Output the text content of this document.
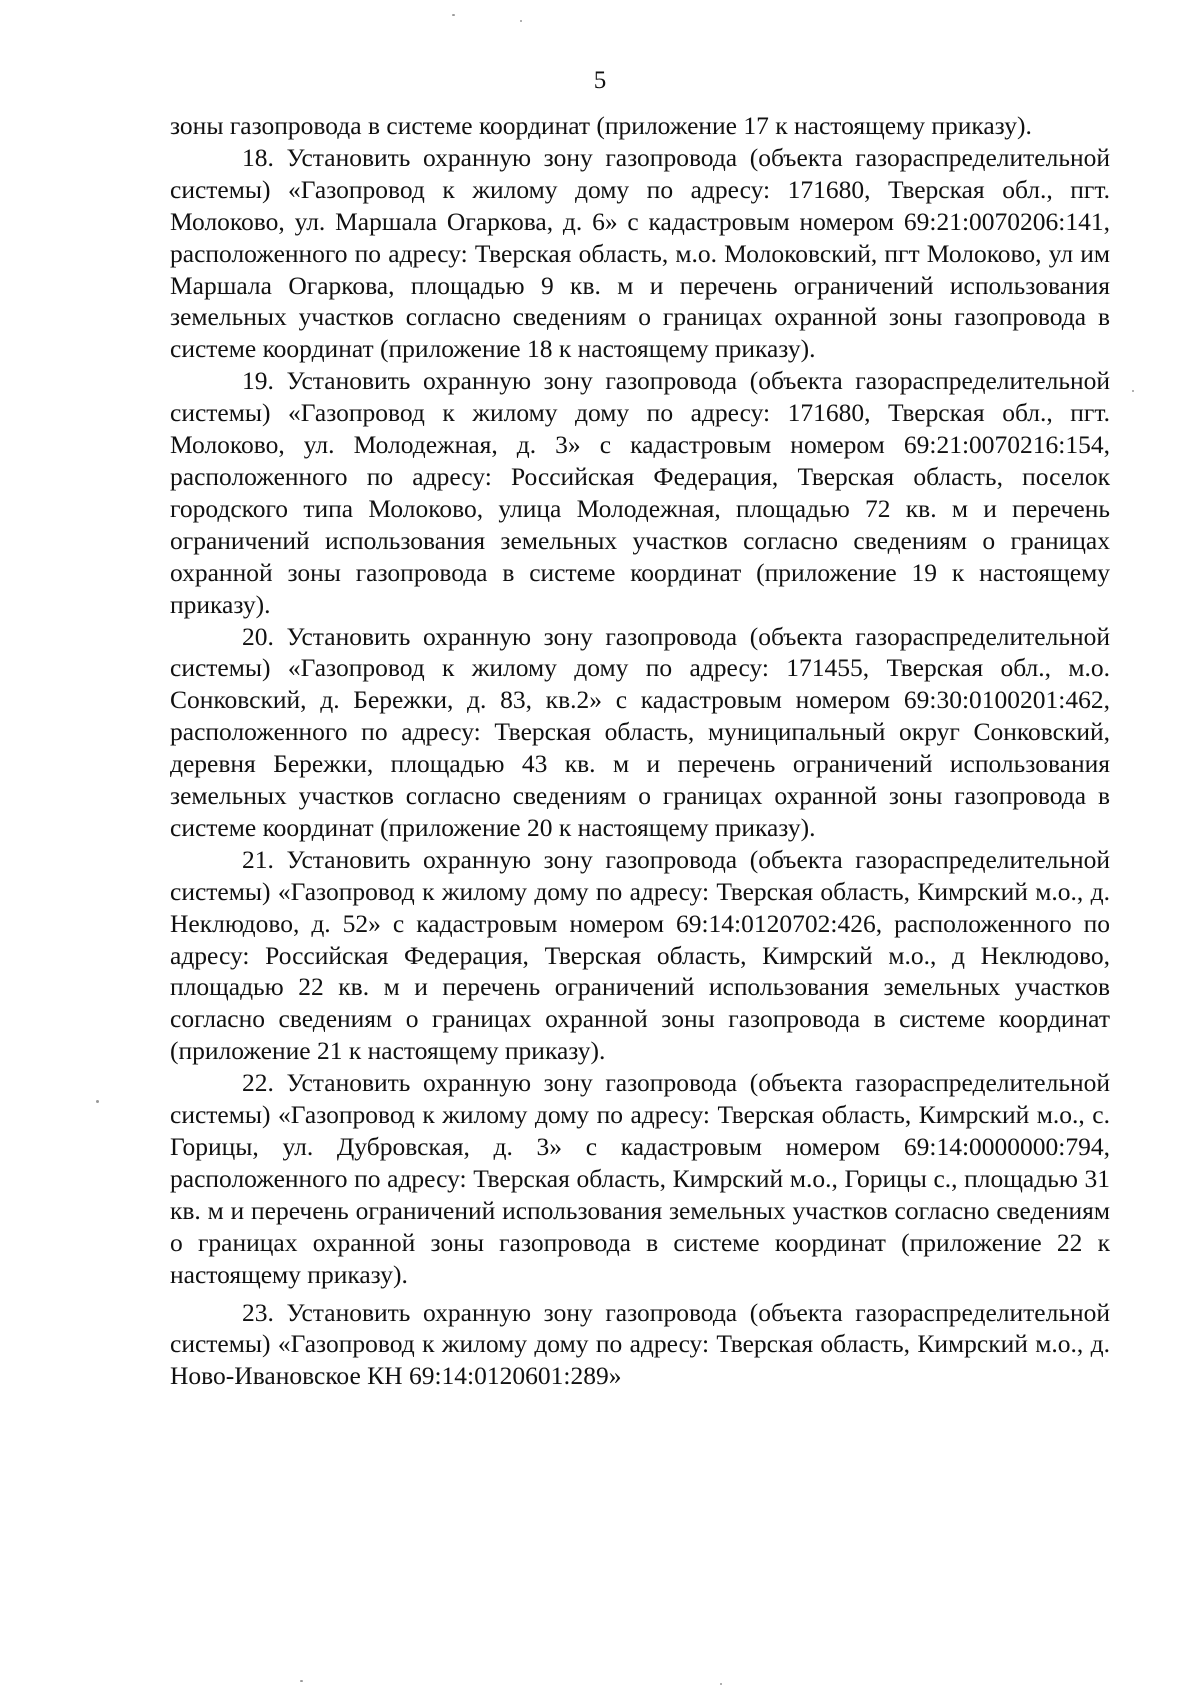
5

зоны газопровода в системе координат (приложение 17 к настоящему приказу).

18. Установить охранную зону газопровода (объекта газораспределительной системы) «Газопровод к жилому дому по адресу: 171680, Тверская обл., пгт. Молоково, ул. Маршала Огаркова, д. 6» с кадастровым номером 69:21:0070206:141, расположенного по адресу: Тверская область, м.о. Молоковский, пгт Молоково, ул им Маршала Огаркова, площадью 9 кв. м и перечень ограничений использования земельных участков согласно сведениям о границах охранной зоны газопровода в системе координат (приложение 18 к настоящему приказу).

19. Установить охранную зону газопровода (объекта газораспределительной системы) «Газопровод к жилому дому по адресу: 171680, Тверская обл., пгт. Молоково, ул. Молодежная, д. 3» с кадастровым номером 69:21:0070216:154, расположенного по адресу: Российская Федерация, Тверская область, поселок городского типа Молоково, улица Молодежная, площадью 72 кв. м и перечень ограничений использования земельных участков согласно сведениям о границах охранной зоны газопровода в системе координат (приложение 19 к настоящему приказу).

20. Установить охранную зону газопровода (объекта газораспределительной системы) «Газопровод к жилому дому по адресу: 171455, Тверская обл., м.о. Сонковский, д. Бережки, д. 83, кв.2» с кадастровым номером 69:30:0100201:462, расположенного по адресу: Тверская область, муниципальный округ Сонковский, деревня Бережки, площадью 43 кв. м и перечень ограничений использования земельных участков согласно сведениям о границах охранной зоны газопровода в системе координат (приложение 20 к настоящему приказу).

21. Установить охранную зону газопровода (объекта газораспределительной системы) «Газопровод к жилому дому по адресу: Тверская область, Кимрский м.о., д. Неклюдово, д. 52» с кадастровым номером 69:14:0120702:426, расположенного по адресу: Российская Федерация, Тверская область, Кимрский м.о., д Неклюдово, площадью 22 кв. м и перечень ограничений использования земельных участков согласно сведениям о границах охранной зоны газопровода в системе координат (приложение 21 к настоящему приказу).

22. Установить охранную зону газопровода (объекта газораспределительной системы) «Газопровод к жилому дому по адресу: Тверская область, Кимрский м.о., с. Горицы, ул. Дубровская, д. 3» с кадастровым номером 69:14:0000000:794, расположенного по адресу: Тверская область, Кимрский м.о., Горицы с., площадью 31 кв. м и перечень ограничений использования земельных участков согласно сведениям о границах охранной зоны газопровода в системе координат (приложение 22 к настоящему приказу).

23. Установить охранную зону газопровода (объекта газораспределительной системы) «Газопровод к жилому дому по адресу: Тверская область, Кимрский м.о., д. Ново-Ивановское КН 69:14:0120601:289»
